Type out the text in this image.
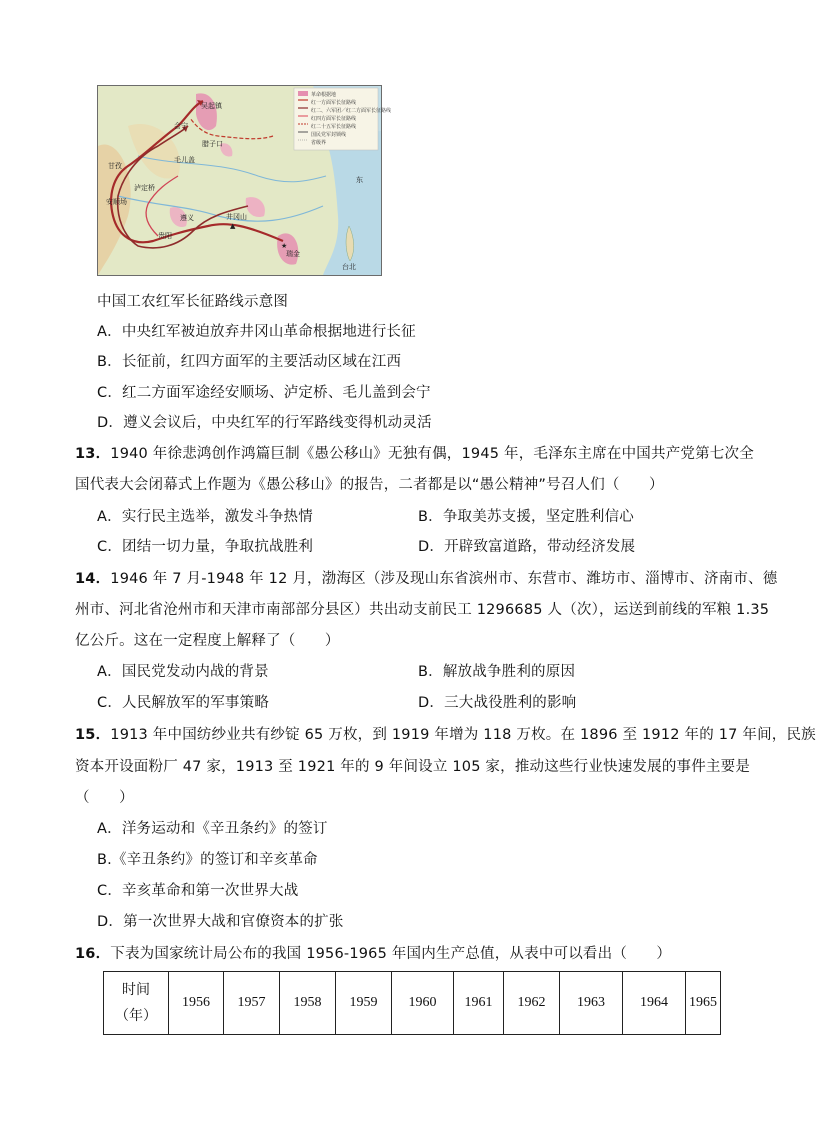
革命根据地
红一方面军长征路线
红二、六军团／红二方面军长征路线
红四方面军长征路线
红二十五军长征路线
国民党军封锁线
省级界
★
▲
吴起镇
会宁
腊子口
毛儿盖
甘孜
泸定桥
安顺场
遵义
贵阳
井冈山
瑞金
台北
东
中国工农红军长征路线示意图
A．中央红军被迫放弃井冈山革命根据地进行长征
B．长征前，红四方面军的主要活动区域在江西
C．红二方面军途经安顺场、泸定桥、毛儿盖到会宁
D．遵义会议后，中央红军的行军路线变得机动灵活
13．1940 年徐悲鸿创作鸿篇巨制《愚公移山》无独有偶，1945 年，毛泽东主席在中国共产党第七次全
国代表大会闭幕式上作题为《愚公移山》的报告，二者都是以“愚公精神”号召人们（　　）
A．实行民主选举，激发斗争热情	B．争取美苏支援，坚定胜利信心
C．团结一切力量，争取抗战胜利	D．开辟致富道路，带动经济发展
14．1946 年 7 月-1948 年 12 月，渤海区（涉及现山东省滨州市、东营市、潍坊市、淄博市、济南市、德
州市、河北省沧州市和天津市南部部分县区）共出动支前民工 1296685 人（次），运送到前线的军粮 1.35
亿公斤。这在一定程度上解释了（　　）
A．国民党发动内战的背景	B．解放战争胜利的原因
C．人民解放军的军事策略	D．三大战役胜利的影响
15．1913 年中国纺纱业共有纱锭 65 万枚，到 1919 年增为 118 万枚。在 1896 至 1912 年的 17 年间，民族
资本开设面粉厂 47 家，1913 至 1921 年的 9 年间设立 105 家，推动这些行业快速发展的事件主要是
（　　）
A．洋务运动和《辛丑条约》的签订
B.《辛丑条约》的签订和辛亥革命
C．辛亥革命和第一次世界大战
D．第一次世界大战和官僚资本的扩张
16．下表为国家统计局公布的我国 1956-1965 年国内生产总值，从表中可以看出（　　）
时间
（年）
	1956	1957	1958	1959	1960	1961	1962	1963	1964	1965
